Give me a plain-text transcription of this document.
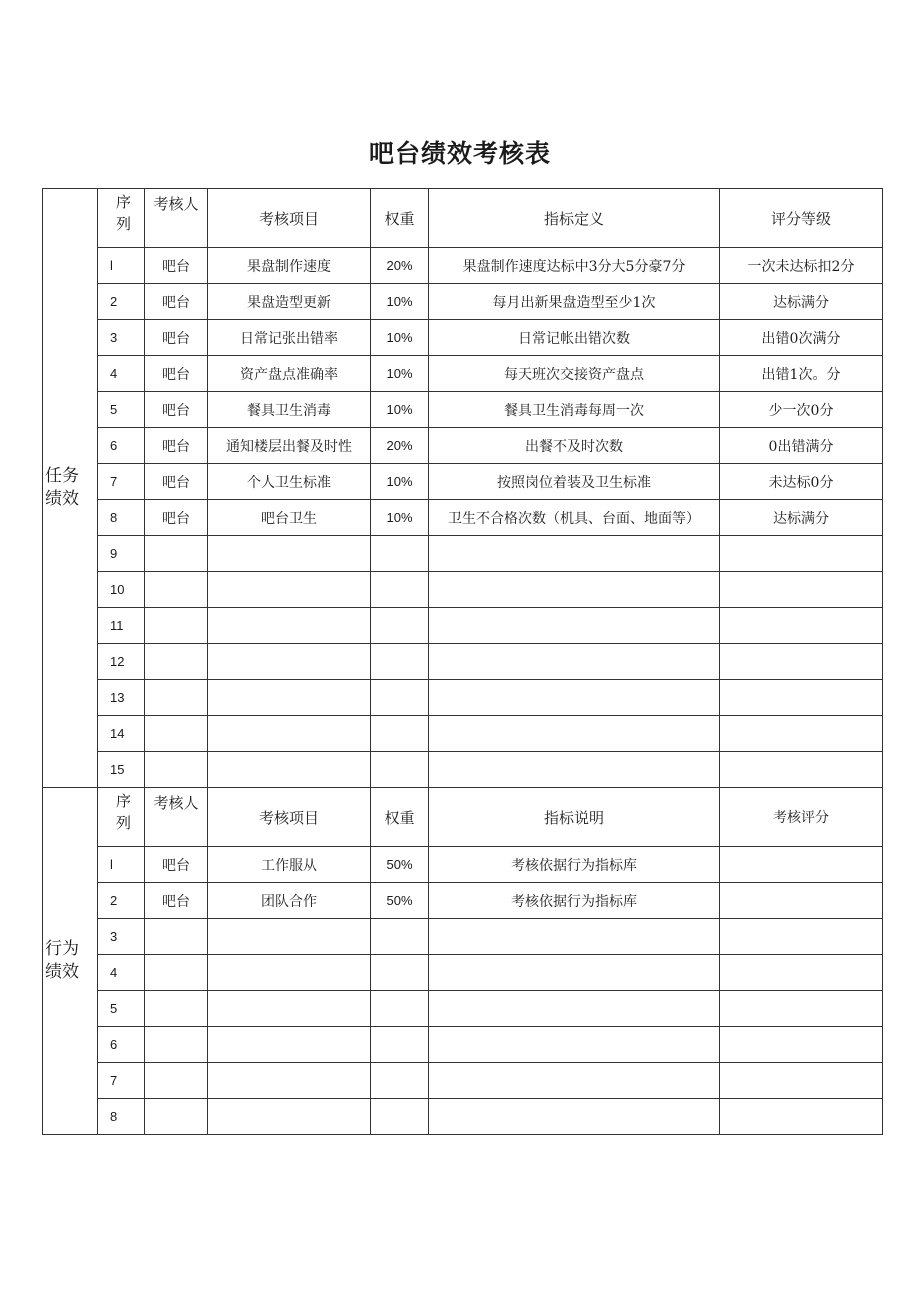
吧台绩效考核表
任务绩效	序列	考核人	考核项目	权重	指标定义	评分等级
	l	吧台	果盘制作速度	20%	果盘制作速度达标中3分大5分豪7分	一次未达标扣2分
	2	吧台	果盘造型更新	10%	每月出新果盘造型至少1次	达标满分
	3	吧台	日常记张出错率	10%	日常记帐出错次数	出错0次满分
	4	吧台	资产盘点准确率	10%	每天班次交接资产盘点	出错1次。分
	5	吧台	餐具卫生消毒	10%	餐具卫生消毒每周一次	少一次0分
	6	吧台	通知楼层出餐及时性	20%	出餐不及时次数	0出错满分
	7	吧台	个人卫生标准	10%	按照岗位着装及卫生标准	未达标0分
	8	吧台	吧台卫生	10%	卫生不合格次数（机具、台面、地面等）	达标满分
	9					
	10					
	11					
	12					
	13					
	14					
	15					
行为绩效	序列	考核人	考核项目	权重	指标说明	考核评分
	l	吧台	工作服从	50%	考核依据行为指标库	
	2	吧台	团队合作	50%	考核依据行为指标库	
	3					
	4					
	5					
	6					
	7					
	8					
